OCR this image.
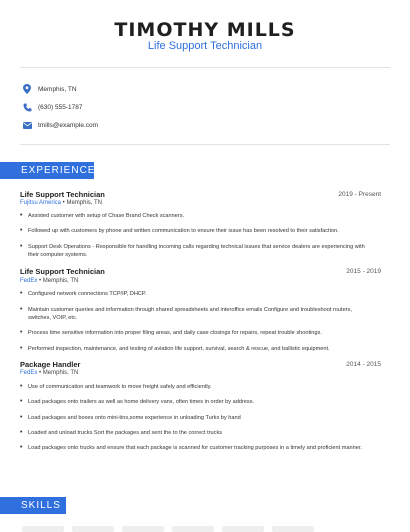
TIMOTHY MILLS
Life Support Technician
Memphis, TN
(630) 555-1787
tmills@example.com
EXPERIENCE
Life Support Technician	2019 - Present
Fujitsu America • Memphis, TN
• Assisted customer with setup of Chase Brand Check scanners.
• Followed up with customers by phone and written communication to ensure their issue has been resolved to their satisfaction.
• Support Desk Operations - Responsible for handling incoming calls regarding technical issues that service dealers are experiencing with their computer systems.
Life Support Technician	2015 - 2019
FedEx • Memphis, TN
• Configured network connections TCP/IP, DHCP.
• Maintain customer queries and information through shared spreadsheets and interoffice emails Configure and troubleshoot routers, switches, VOIP, etc.
• Process time sensitive information into proper filing areas, and daily case closings for repairs, repeat trouble shootings.
• Performed inspection, maintenance, and testing of aviation life support, survival, search & rescue, and ballistic equipment.
Package Handler	2014 - 2015
FedEx • Memphis, TN
• Use of communication and teamwork to move freight safely and efficiently.
• Load packages onto trailers as well as home delivery vans, often times in order by address.
• Load packages and boxes onto mini-tins,some experience in unloading Turks by hand
• Loaded and unload trucks Sort the packages and sent the to the correct trucks
• Load packages onto trucks and ensure that each package is scanned for customer tracking purposes in a timely and proficient manner.
SKILLS
